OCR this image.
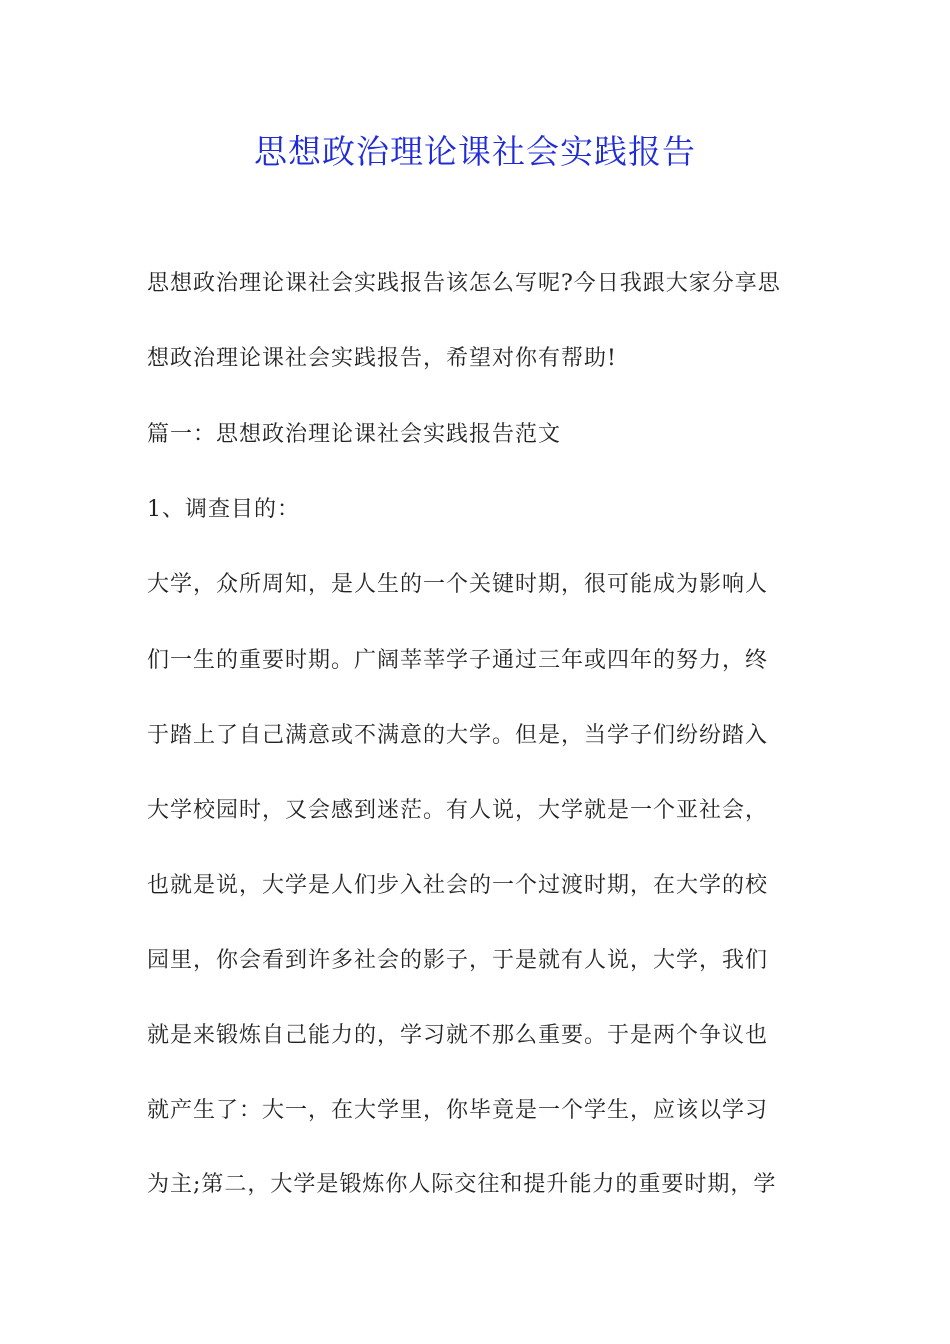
思想政治理论课社会实践报告

思想政治理论课社会实践报告该怎么写呢?今日我跟大家分享思

想政治理论课社会实践报告，希望对你有帮助!

篇一：思想政治理论课社会实践报告范文

1、调查目的：

大学，众所周知，是人生的一个关键时期，很可能成为影响人

们一生的重要时期。广阔莘莘学子通过三年或四年的努力，终

于踏上了自己满意或不满意的大学。但是，当学子们纷纷踏入

大学校园时，又会感到迷茫。有人说，大学就是一个亚社会，

也就是说，大学是人们步入社会的一个过渡时期，在大学的校

园里，你会看到许多社会的影子，于是就有人说，大学，我们

就是来锻炼自己能力的，学习就不那么重要。于是两个争议也

就产生了：大一，在大学里，你毕竟是一个学生，应该以学习

为主;第二，大学是锻炼你人际交往和提升能力的重要时期，学
